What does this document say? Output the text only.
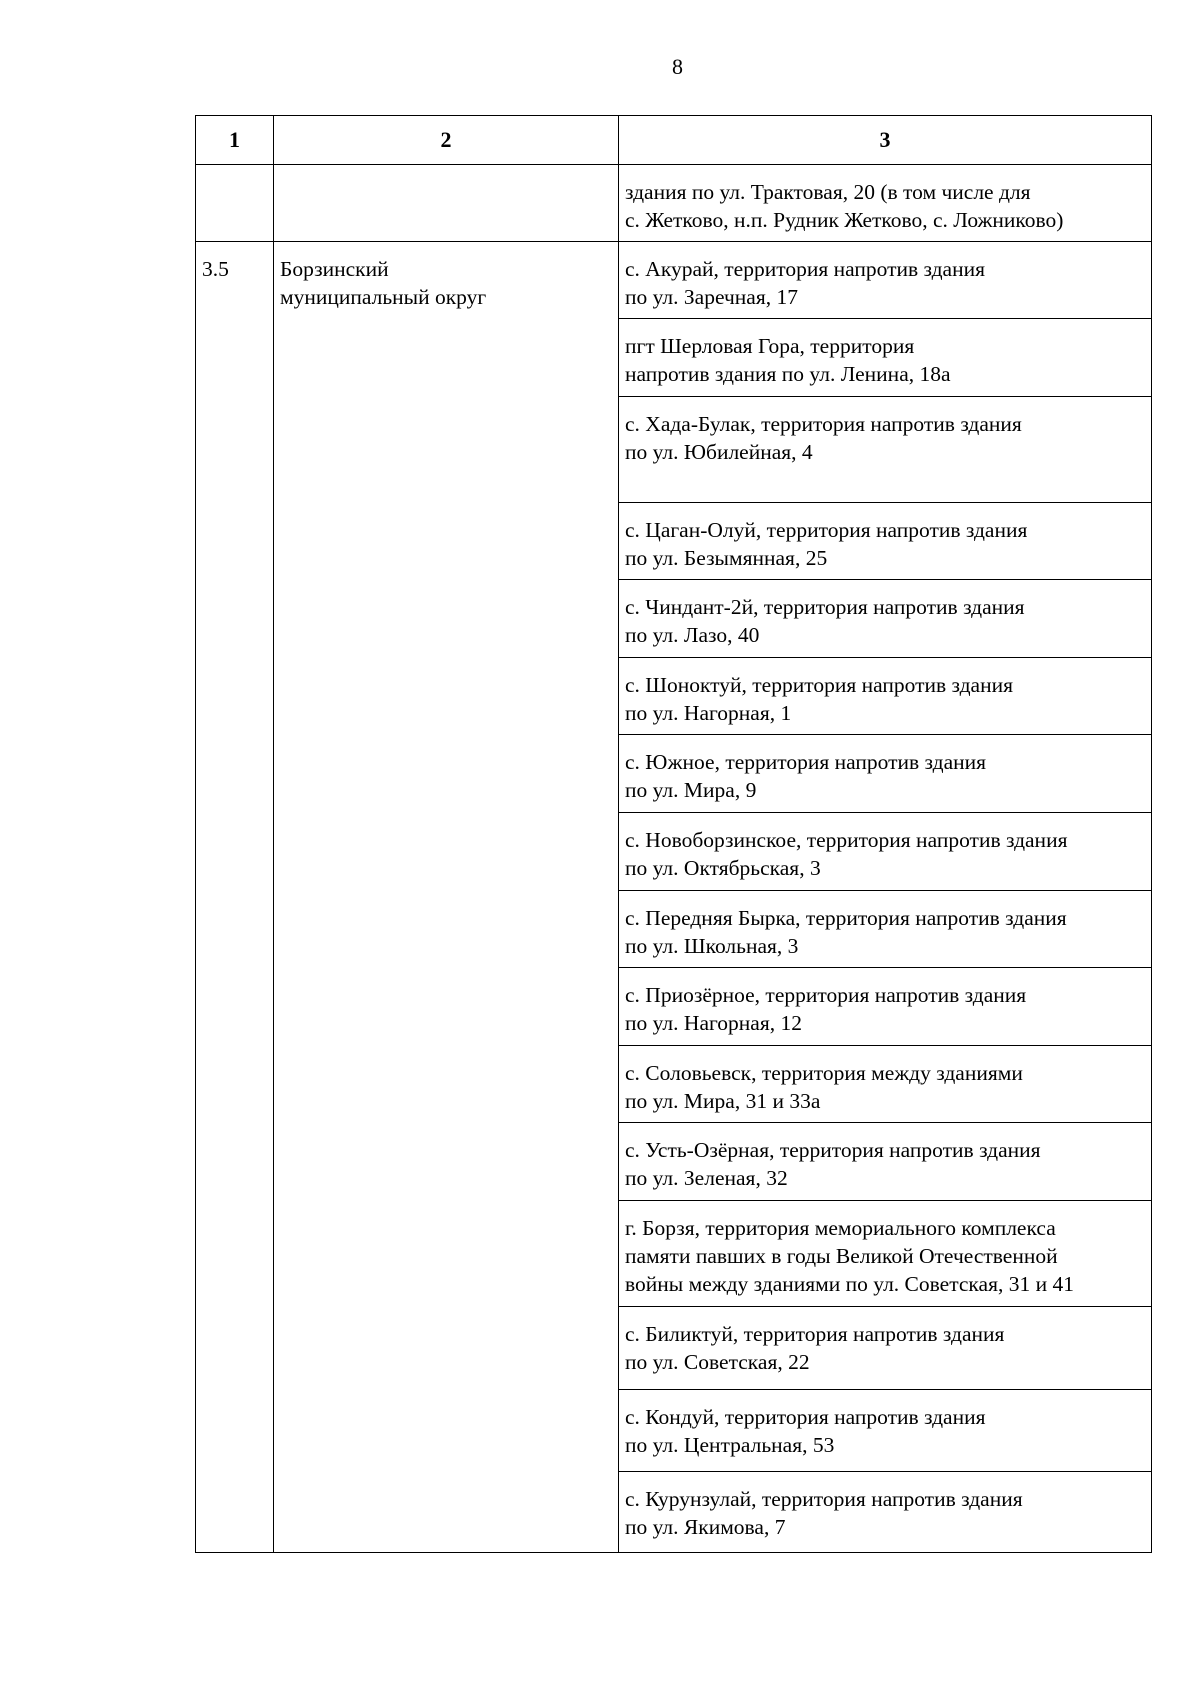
8
1	2	3

		здания по ул. Трактовая, 20 (в том числе для
с. Жетково, н.п. Рудник Жетково, с. Ложниково)

3.5	Борзинский
муниципальный округ	с. Акурай, территория напротив здания
по ул. Заречная, 17

		пгт Шерловая Гора, территория
напротив здания по ул. Ленина, 18а

		с. Хада-Булак, территория напротив здания
по ул. Юбилейная, 4

		с. Цаган-Олуй, территория напротив здания
по ул. Безымянная, 25

		с. Чиндант-2й, территория напротив здания
по ул. Лазо, 40

		с. Шоноктуй, территория напротив здания
по ул. Нагорная, 1

		с. Южное, территория напротив здания
по ул. Мира, 9

		с. Новоборзинское, территория напротив здания
по ул. Октябрьская, 3

		с. Передняя Бырка, территория напротив здания
по ул. Школьная, 3

		с. Приозёрное, территория напротив здания
по ул. Нагорная, 12

		с. Соловьевск, территория между зданиями
по ул. Мира, 31 и 33а

		с. Усть-Озёрная, территория напротив здания
по ул. Зеленая, 32

		г. Борзя, территория мемориального комплекса
памяти павших в годы Великой Отечественной
войны между зданиями по ул. Советская, 31 и 41

		с. Биликтуй, территория напротив здания
по ул. Советская, 22

		с. Кондуй, территория напротив здания
по ул. Центральная, 53

		с. Курунзулай, территория напротив здания
по ул. Якимова, 7
